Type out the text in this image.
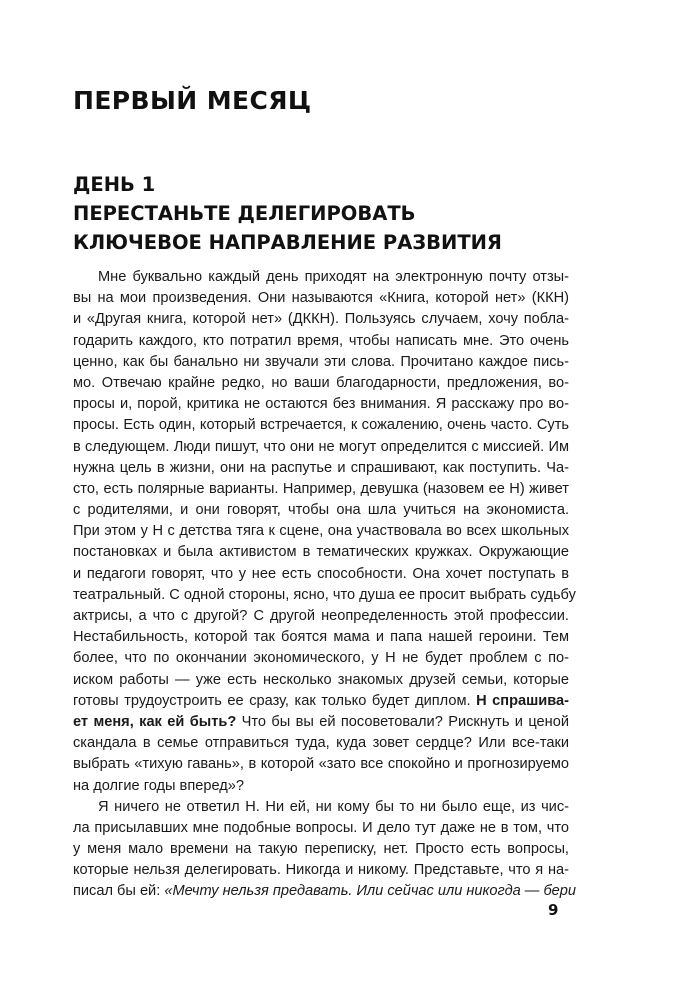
ПЕРВЫЙ МЕСЯЦ
ДЕНЬ 1
ПЕРЕСТАНЬТЕ ДЕЛЕГИРОВАТЬ
КЛЮЧЕВОЕ НАПРАВЛЕНИЕ РАЗВИТИЯ
Мне буквально каждый день приходят на электронную почту отзы-
вы на мои произведения. Они называются «Книга, которой нет» (ККН)
и «Другая книга, которой нет» (ДККН). Пользуясь случаем, хочу побла-
годарить каждого, кто потратил время, чтобы написать мне. Это очень
ценно, как бы банально ни звучали эти слова. Прочитано каждое пись-
мо. Отвечаю крайне редко, но ваши благодарности, предложения, во-
просы и, порой, критика не остаются без внимания. Я расскажу про во-
просы. Есть один, который встречается, к сожалению, очень часто. Суть
в следующем. Люди пишут, что они не могут определится с миссией. Им
нужна цель в жизни, они на распутье и спрашивают, как поступить. Ча-
сто, есть полярные варианты. Например, девушка (назовем ее Н) живет
с родителями, и они говорят, чтобы она шла учиться на экономиста.
При этом у Н с детства тяга к сцене, она участвовала во всех школьных
постановках и была активистом в тематических кружках. Окружающие
и педагоги говорят, что у нее есть способности. Она хочет поступать в
театральный. С одной стороны, ясно, что душа ее просит выбрать судьбу
актрисы, а что с другой? С другой неопределенность этой профессии.
Нестабильность, которой так боятся мама и папа нашей героини. Тем
более, что по окончании экономического, у Н не будет проблем с по-
иском работы — уже есть несколько знакомых друзей семьи, которые
готовы трудоустроить ее сразу, как только будет диплом. Н спрашива-
ет меня, как ей быть? Что бы вы ей посоветовали? Рискнуть и ценой
скандала в семье отправиться туда, куда зовет сердце? Или все-таки
выбрать «тихую гавань», в которой «зато все спокойно и прогнозируемо
на долгие годы вперед»?
Я ничего не ответил Н. Ни ей, ни кому бы то ни было еще, из чис-
ла присылавших мне подобные вопросы. И дело тут даже не в том, что
у меня мало времени на такую переписку, нет. Просто есть вопросы,
которые нельзя делегировать. Никогда и никому. Представьте, что я на-
писал бы ей: «Мечту нельзя предавать. Или сейчас или никогда — бери
9
